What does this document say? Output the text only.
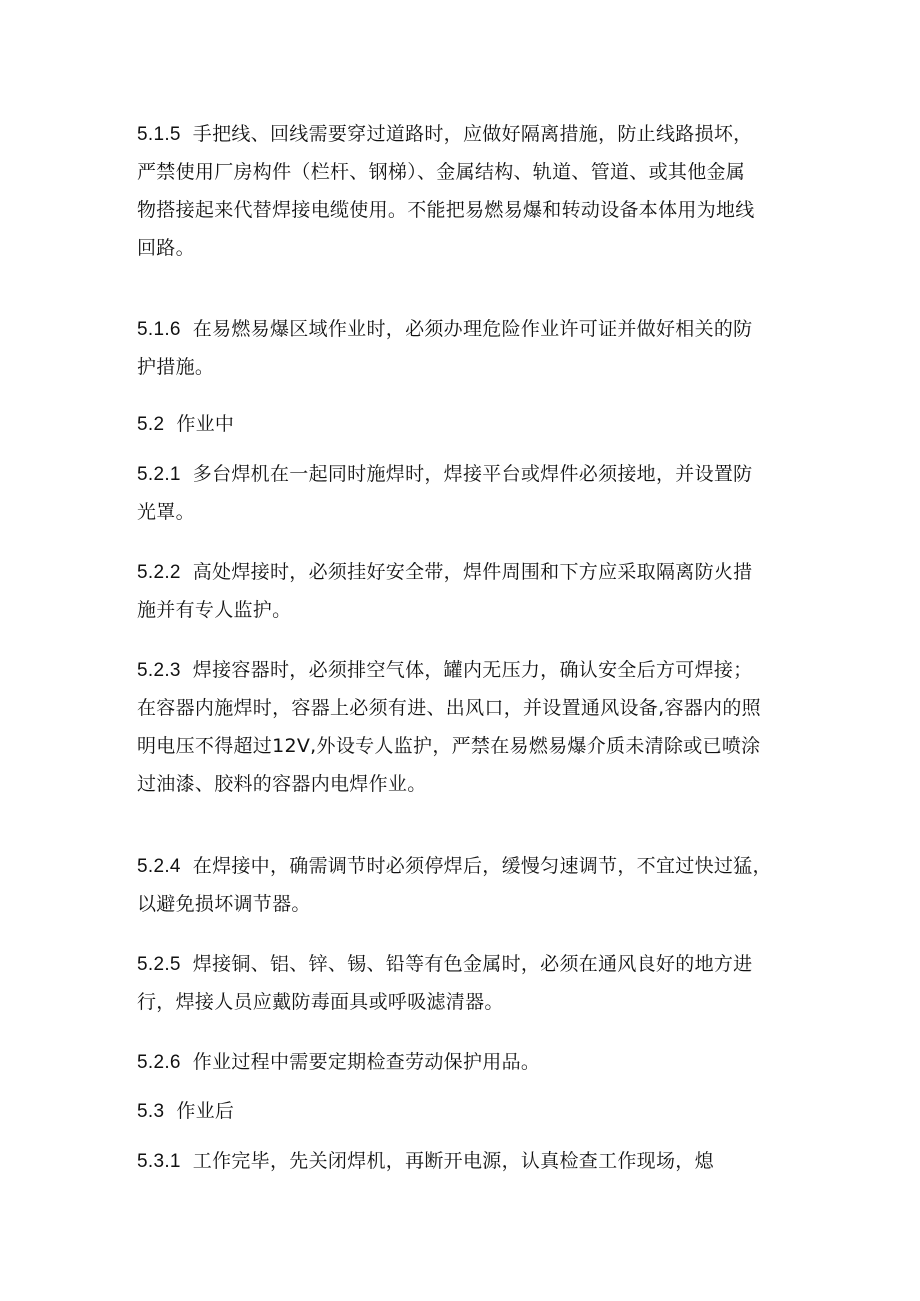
5.1.5 手把线、回线需要穿过道路时，应做好隔离措施，防止线路损坏，
严禁使用厂房构件（栏杆、钢梯）、金属结构、轨道、管道、或其他金属
物搭接起来代替焊接电缆使用。不能把易燃易爆和转动设备本体用为地线
回路。
5.1.6 在易燃易爆区域作业时，必须办理危险作业许可证并做好相关的防
护措施。
5.2 作业中
5.2.1 多台焊机在一起同时施焊时，焊接平台或焊件必须接地，并设置防
光罩。
5.2.2 高处焊接时，必须挂好安全带，焊件周围和下方应采取隔离防火措
施并有专人监护。
5.2.3 焊接容器时，必须排空气体，罐内无压力，确认安全后方可焊接；
在容器内施焊时，容器上必须有进、出风口，并设置通风设备,容器内的照
明电压不得超过12V,外设专人监护，严禁在易燃易爆介质未清除或已喷涂
过油漆、胶料的容器内电焊作业。
5.2.4 在焊接中，确需调节时必须停焊后，缓慢匀速调节，不宜过快过猛，
以避免损坏调节器。
5.2.5 焊接铜、铝、锌、锡、铅等有色金属时，必须在通风良好的地方进
行，焊接人员应戴防毒面具或呼吸滤清器。
5.2.6 作业过程中需要定期检查劳动保护用品。
5.3 作业后
5.3.1 工作完毕，先关闭焊机，再断开电源，认真检查工作现场，熄
